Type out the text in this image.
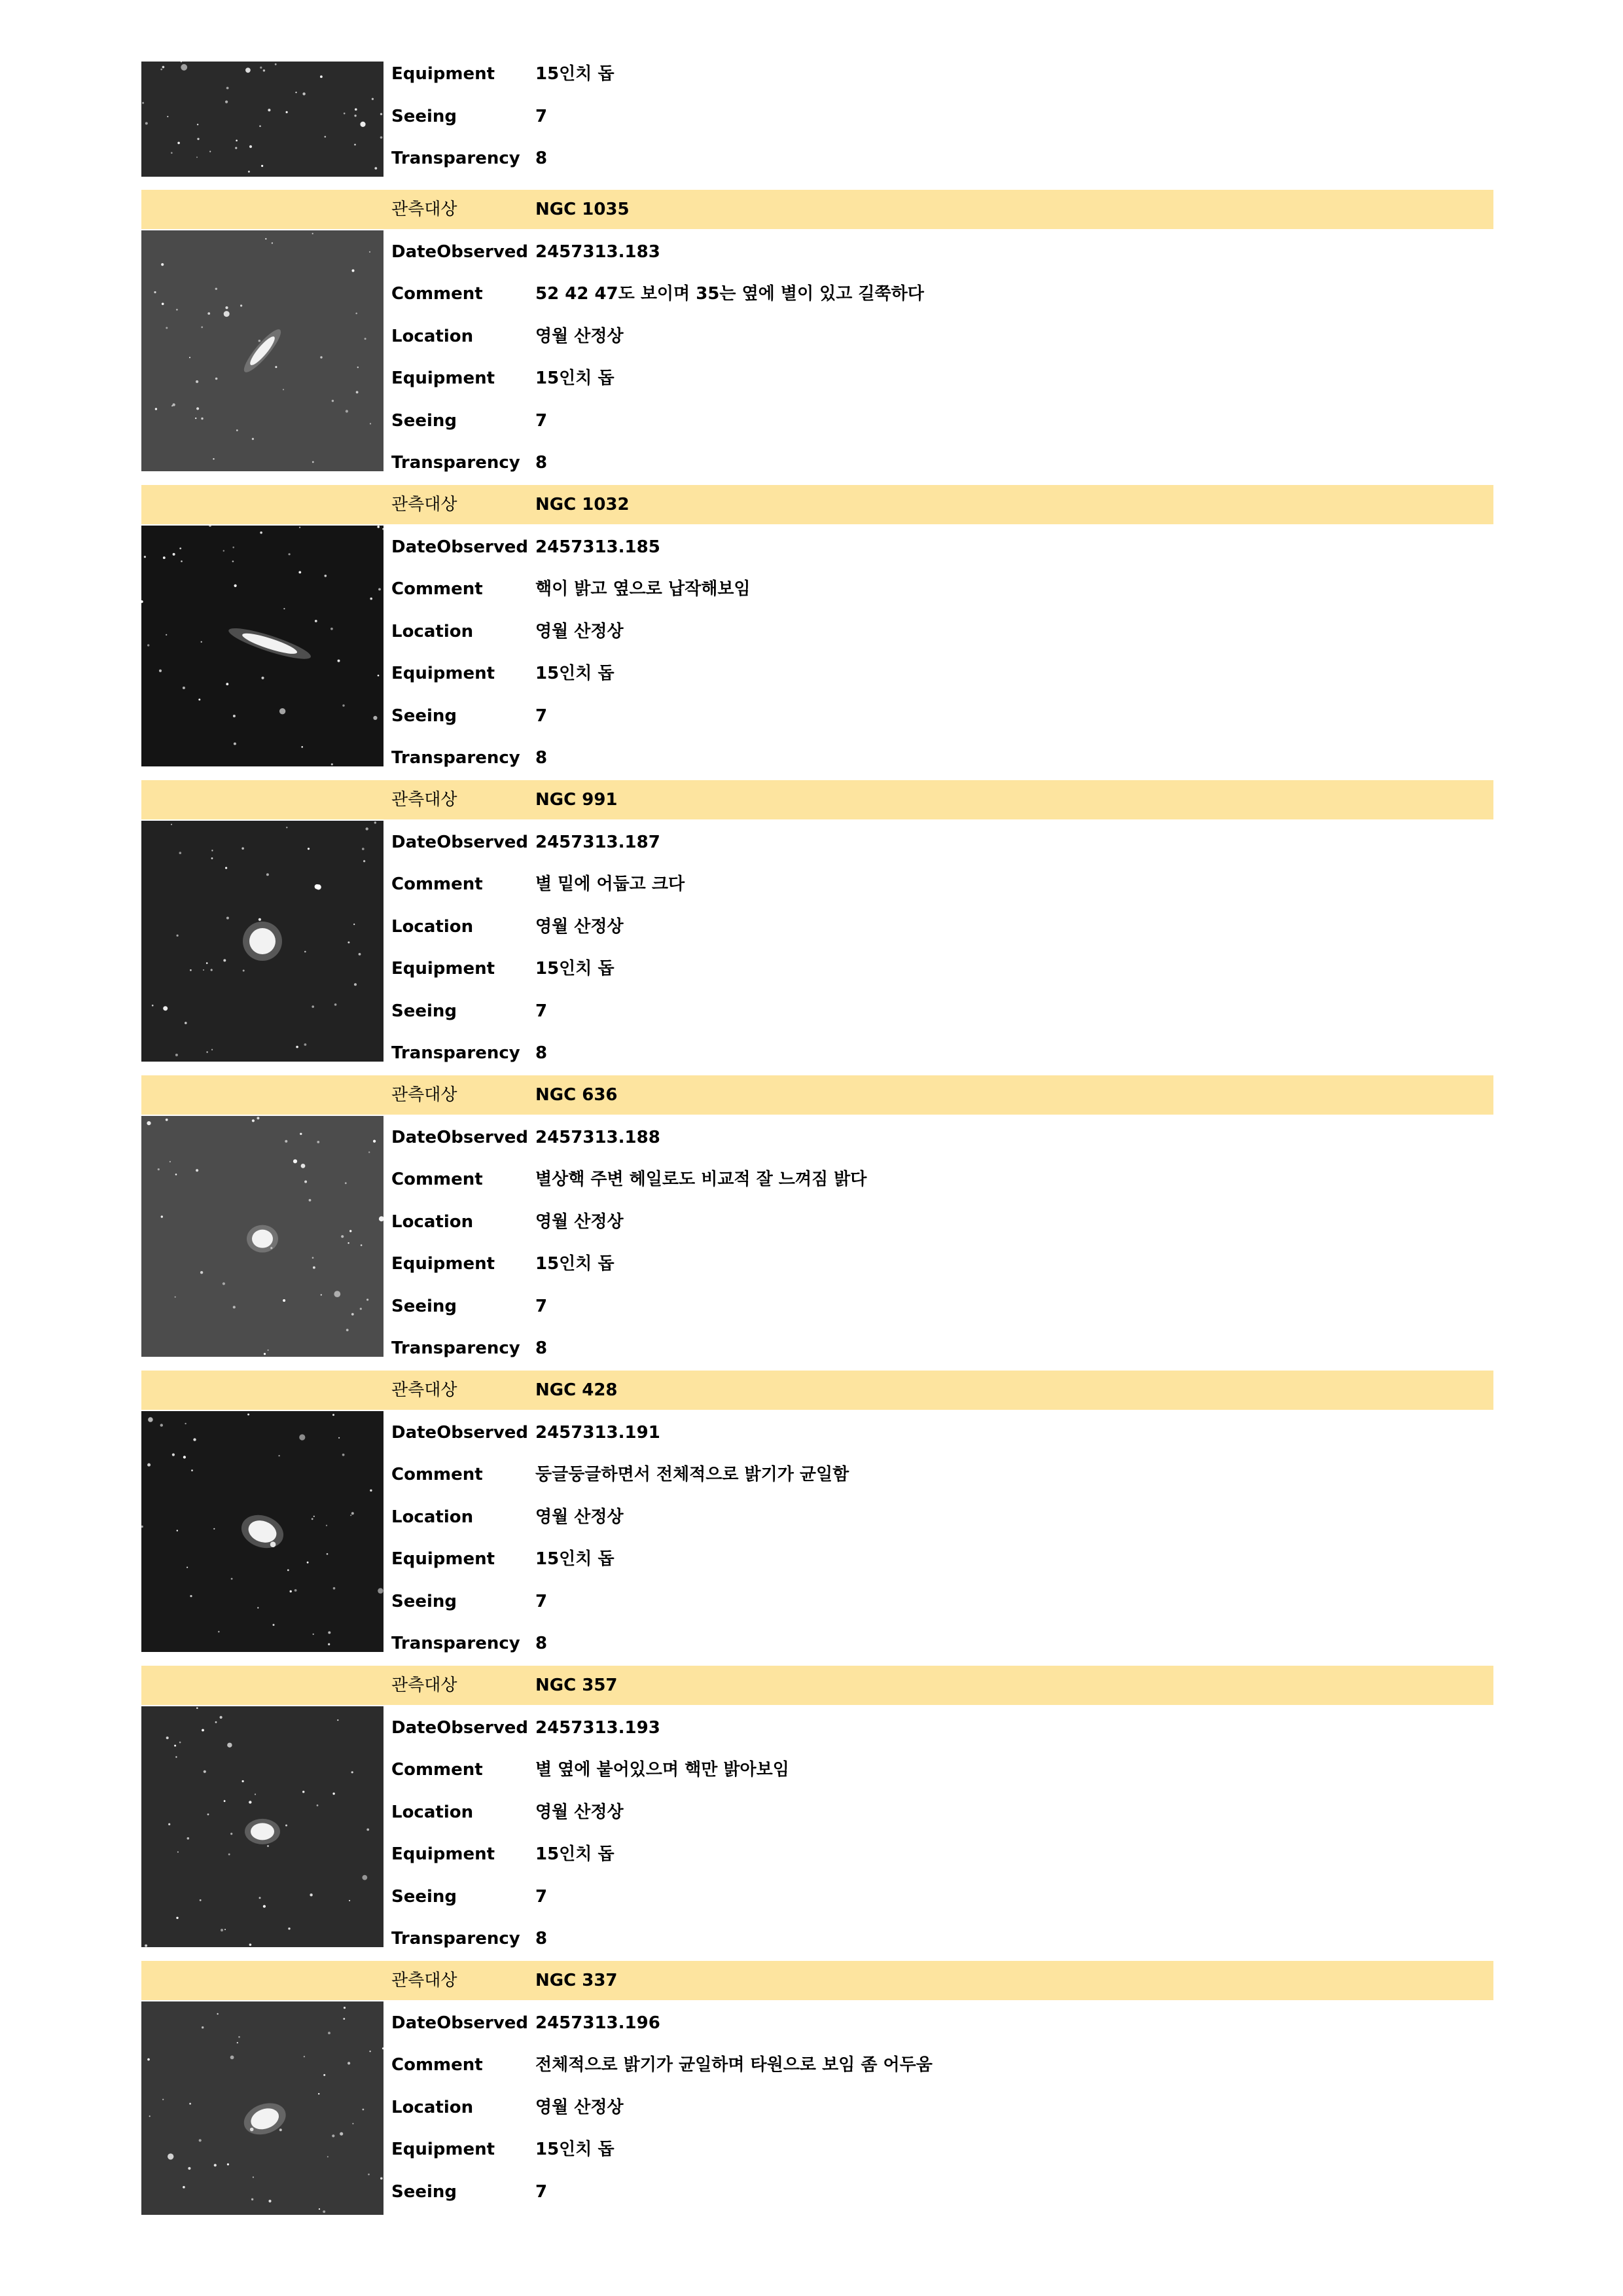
Equipment 15인치 돕
Seeing	7
Transparency 8
관측대상	NGC 1035
DateObserved 2457313.183
Comment	52 42 47도 보이며 35는 옆에 별이 있고 길쭉하다
Location	영월 산정상
Equipment 15인치 돕
Seeing	7
Transparency 8
관측대상	NGC 1032
DateObserved 2457313.185
Comment	핵이 밝고 옆으로 납작해보임
Location	영월 산정상
Equipment 15인치 돕
Seeing	7
Transparency 8
관측대상	NGC 991
DateObserved 2457313.187
Comment	별 밑에 어둡고 크다
Location	영월 산정상
Equipment 15인치 돕
Seeing	7
Transparency 8
관측대상	NGC 636
DateObserved 2457313.188
Comment	별상핵 주변 헤일로도 비교적 잘 느껴짐 밝다
Location	영월 산정상
Equipment 15인치 돕
Seeing	7
Transparency 8
관측대상	NGC 428
DateObserved 2457313.191
Comment	둥글둥글하면서 전체적으로 밝기가 균일함
Location	영월 산정상
Equipment 15인치 돕
Seeing	7
Transparency 8
관측대상	NGC 357
DateObserved 2457313.193
Comment	별 옆에 붙어있으며 핵만 밝아보임
Location	영월 산정상
Equipment 15인치 돕
Seeing	7
Transparency 8
관측대상	NGC 337
DateObserved 2457313.196
Comment	전체적으로 밝기가 균일하며 타원으로 보임 좀 어두움
Location	영월 산정상
Equipment 15인치 돕
Seeing	7
